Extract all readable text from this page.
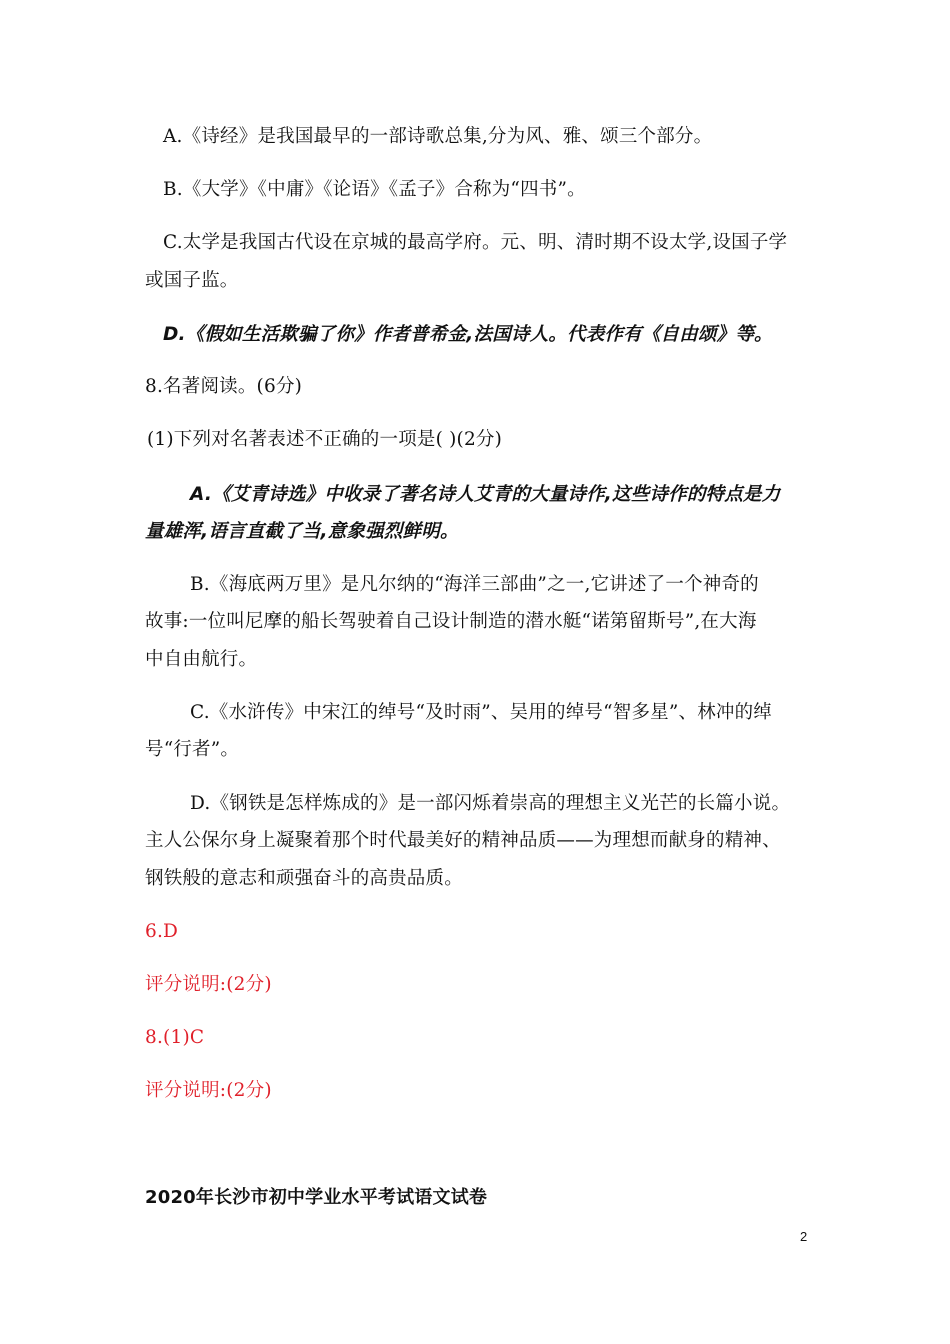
A.《诗经》是我国最早的一部诗歌总集,分为风、雅、颂三个部分。
B.《大学》《中庸》《论语》《孟子》合称为“四书”。
C.太学是我国古代设在京城的最高学府。元、明、清时期不设太学,设国子学
或国子监。
D.《假如生活欺骗了你》作者普希金,法国诗人。代表作有《自由颂》等。
8.名著阅读。(6分)
(1)下列对名著表述不正确的一项是( )(2分)
A.《艾青诗选》中收录了著名诗人艾青的大量诗作,这些诗作的特点是力
量雄浑,语言直截了当,意象强烈鲜明。
B.《海底两万里》是凡尔纳的“海洋三部曲”之一,它讲述了一个神奇的
故事:一位叫尼摩的船长驾驶着自己设计制造的潜水艇“诺第留斯号”,在大海
中自由航行。
C.《水浒传》中宋江的绰号“及时雨”、吴用的绰号“智多星”、林冲的绰
号“行者”。
D.《钢铁是怎样炼成的》是一部闪烁着崇高的理想主义光芒的长篇小说。
主人公保尔身上凝聚着那个时代最美好的精神品质——为理想而献身的精神、
钢铁般的意志和顽强奋斗的高贵品质。
6.D
评分说明:(2分)
8.(1)C
评分说明:(2分)
2020年长沙市初中学业水平考试语文试卷
2
